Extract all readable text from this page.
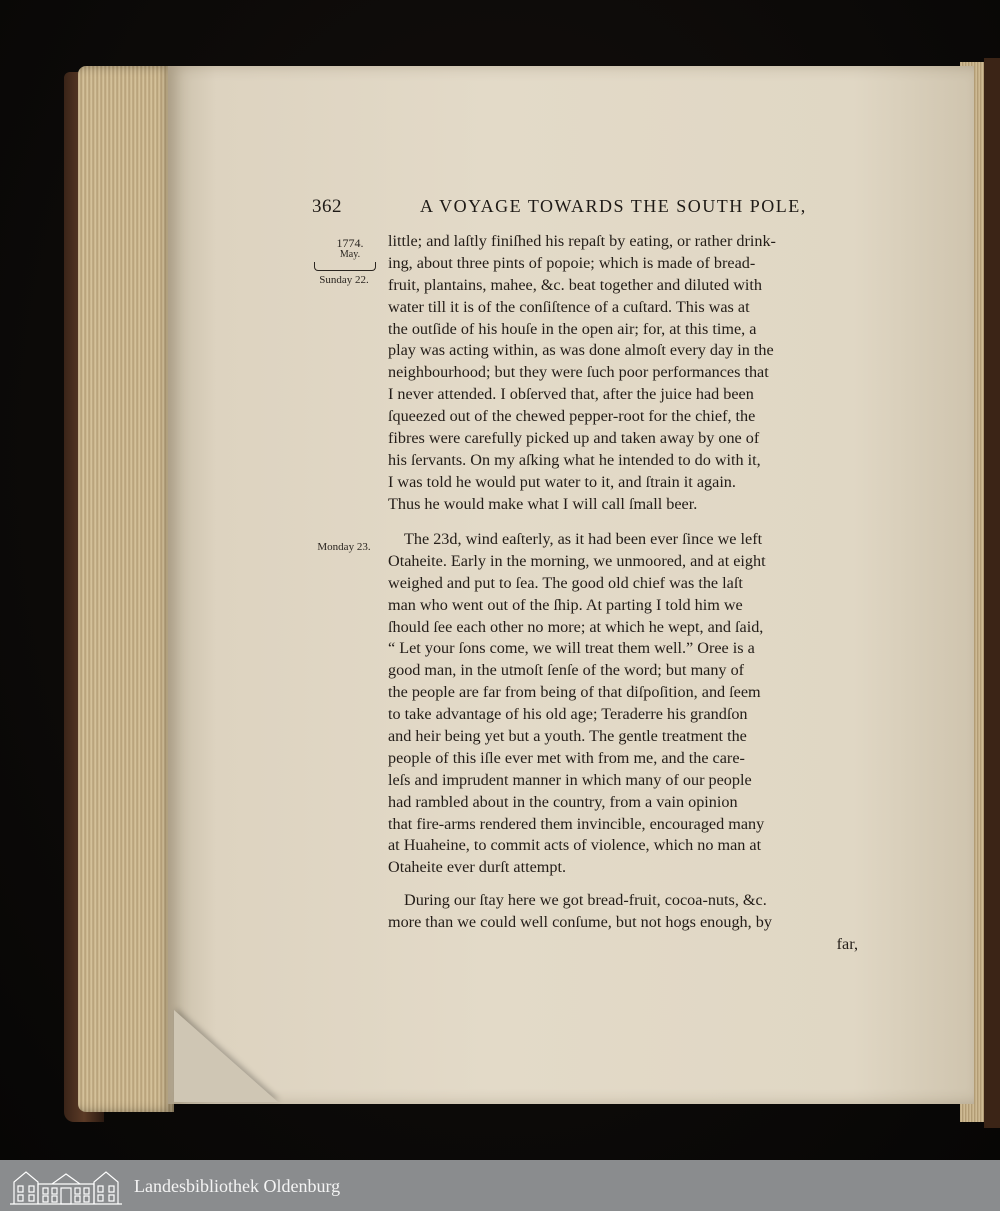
362	A VOYAGE TOWARDS THE SOUTH POLE,
1774.
May.
Sunday 22.
Monday 23.
little; and laſtly finiſhed his repaſt by eating, or rather drink-
ing, about three pints of popoie; which is made of bread-
fruit, plantains, mahee, &c. beat together and diluted with
water till it is of the conſiſtence of a cuſtard. This was at
the outſide of his houſe in the open air; for, at this time, a
play was acting within, as was done almoſt every day in the
neighbourhood; but they were ſuch poor performances that
I never attended. I obſerved that, after the juice had been
ſqueezed out of the chewed pepper-root for the chief, the
fibres were carefully picked up and taken away by one of
his ſervants. On my aſking what he intended to do with it,
I was told he would put water to it, and ſtrain it again.
Thus he would make what I will call ſmall beer.
The 23d, wind eaſterly, as it had been ever ſince we left
Otaheite. Early in the morning, we unmoored, and at eight
weighed and put to ſea. The good old chief was the laſt
man who went out of the ſhip. At parting I told him we
ſhould ſee each other no more; at which he wept, and ſaid,
“ Let your ſons come, we will treat them well.” Oree is a
good man, in the utmoſt ſenſe of the word; but many of
the people are far from being of that diſpoſition, and ſeem
to take advantage of his old age; Teraderre his grandſon
and heir being yet but a youth. The gentle treatment the
people of this iſle ever met with from me, and the care-
leſs and imprudent manner in which many of our people
had rambled about in the country, from a vain opinion
that fire-arms rendered them invincible, encouraged many
at Huaheine, to commit acts of violence, which no man at
Otaheite ever durſt attempt.
During our ſtay here we got bread-fruit, cocoa-nuts, &c.
more than we could well conſume, but not hogs enough, by
far,
Landesbibliothek Oldenburg
